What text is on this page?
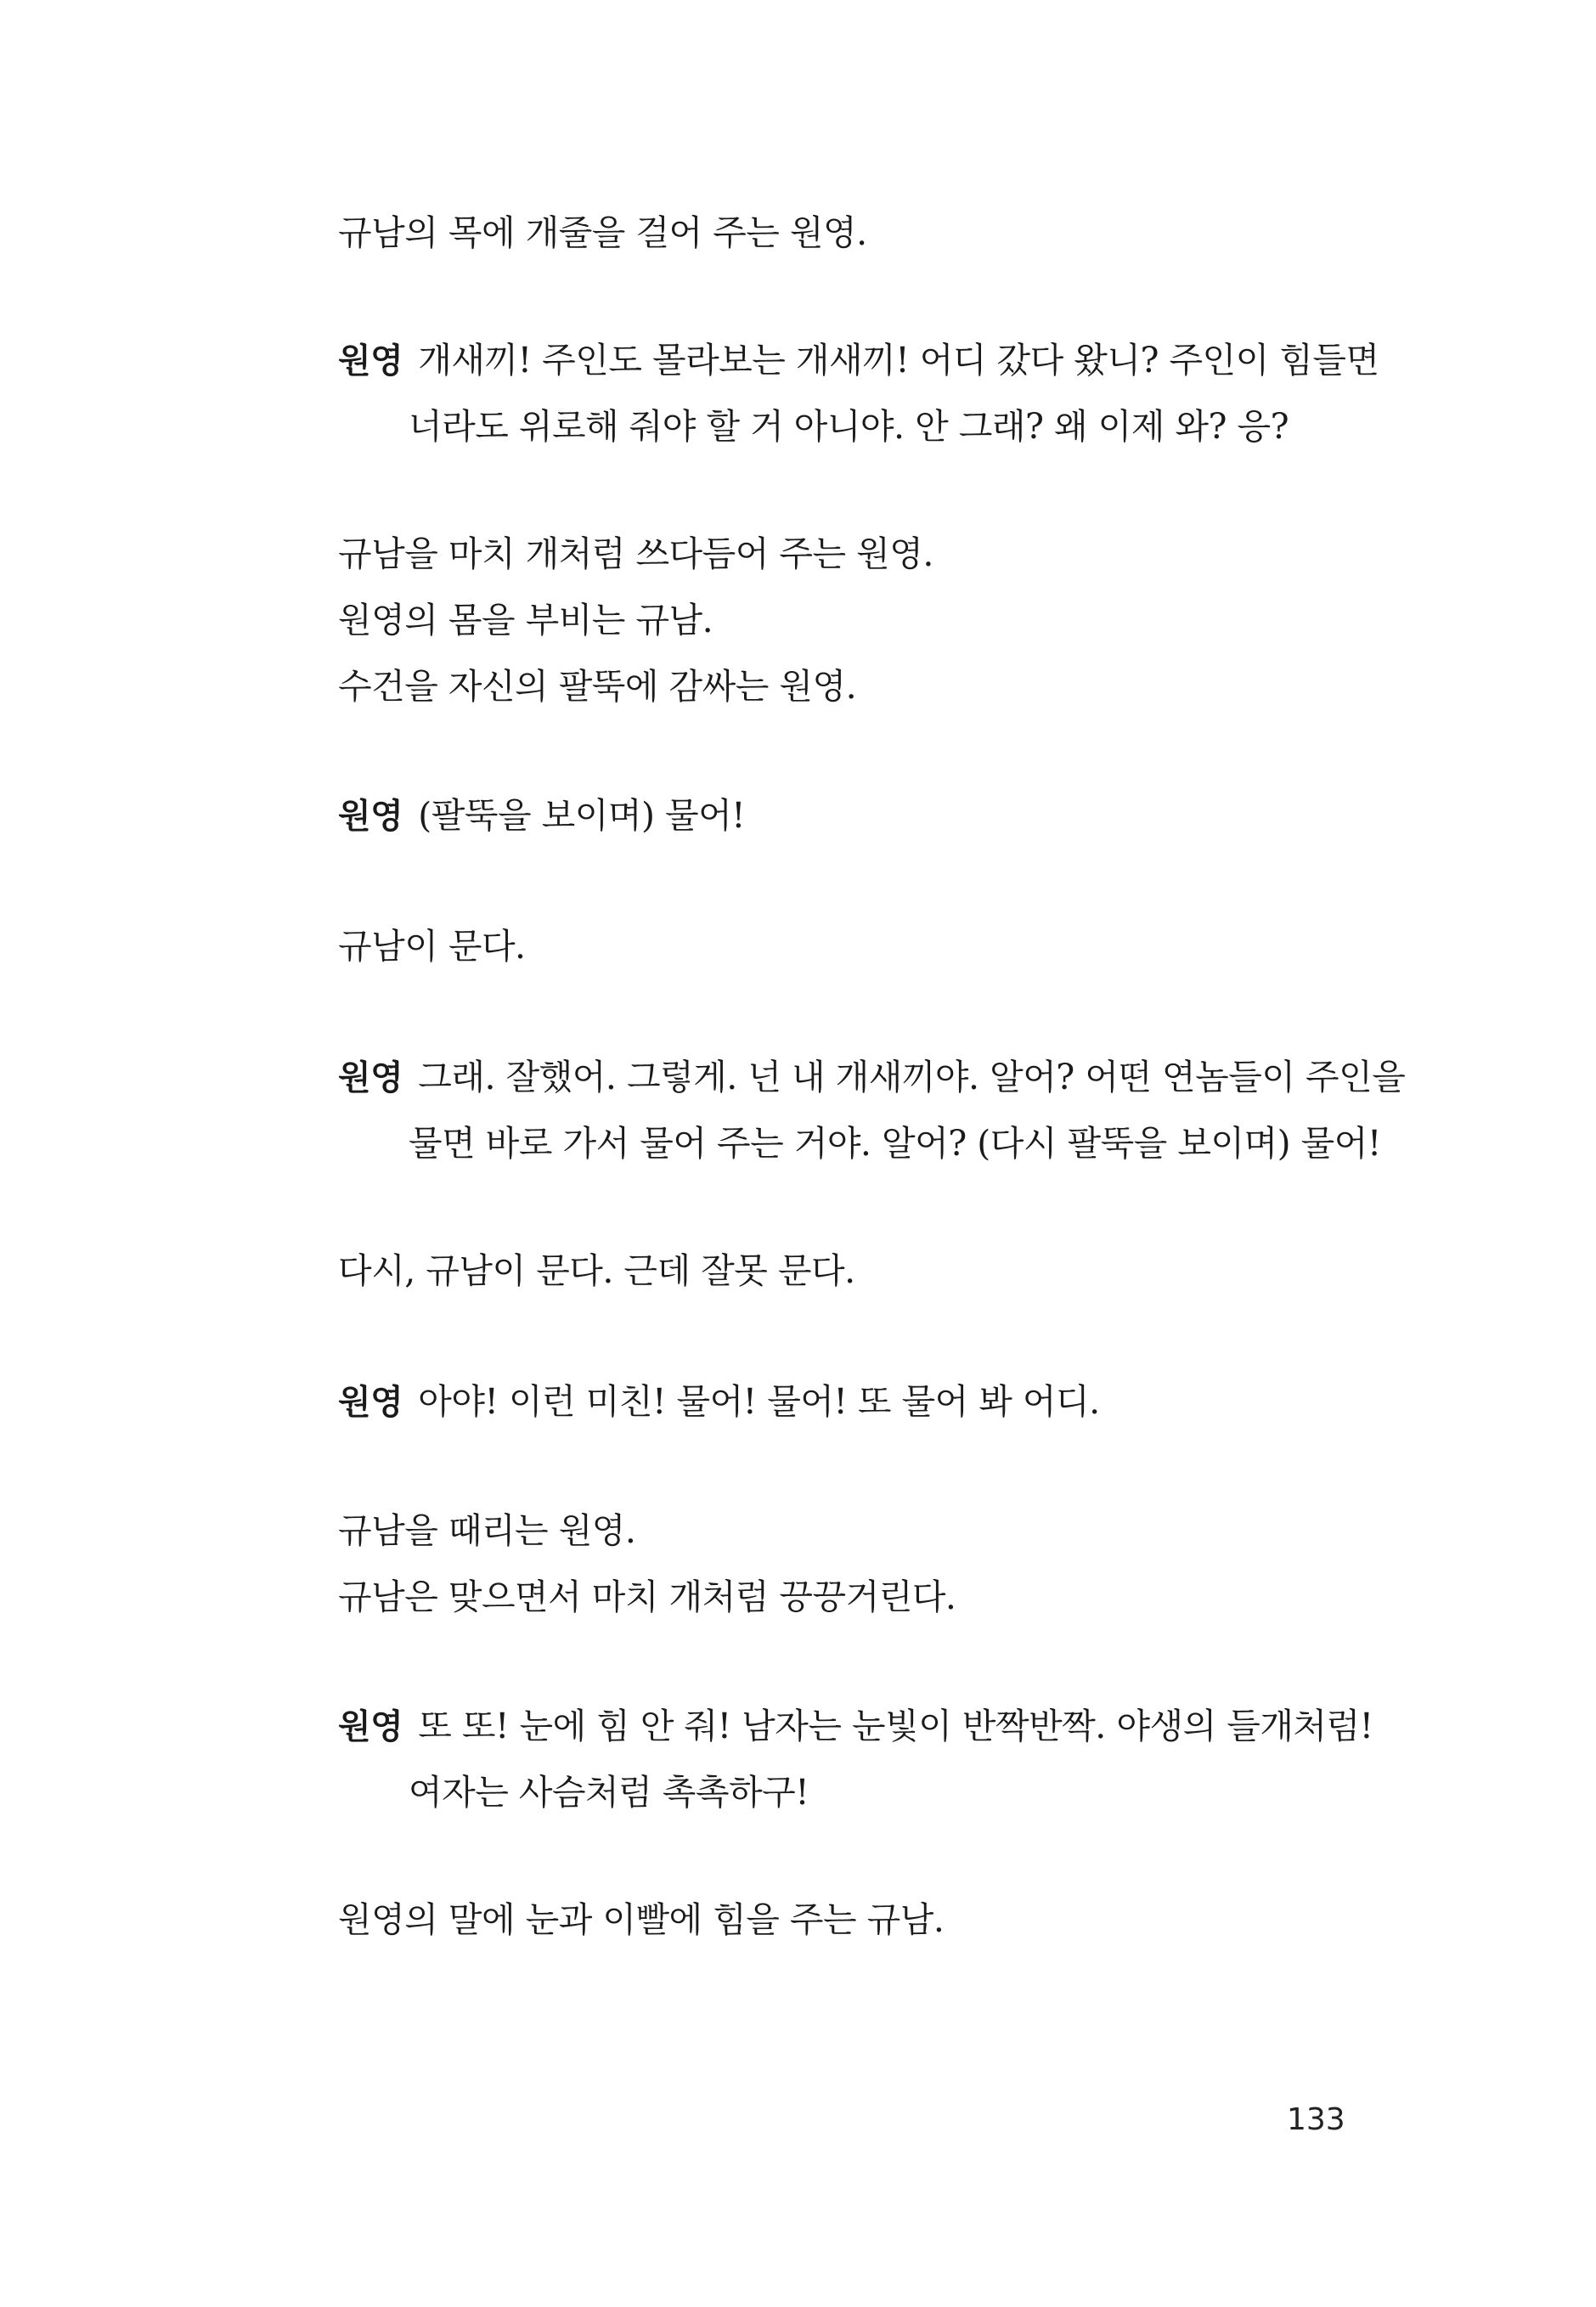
규남의 목에 개줄을 걸어 주는 원영.
원영 개새끼! 주인도 몰라보는 개새끼! 어디 갔다 왔니? 주인이 힘들면
너라도 위로해 줘야 할 거 아니야. 안 그래? 왜 이제 와? 응?
규남을 마치 개처럼 쓰다듬어 주는 원영.
원영의 몸을 부비는 규남.
수건을 자신의 팔뚝에 감싸는 원영.
원영 (팔뚝을 보이며) 물어!
규남이 문다.
원영 그래. 잘했어. 그렇게. 넌 내 개새끼야. 알어? 어떤 연놈들이 주인을
물면 바로 가서 물어 주는 거야. 알어? (다시 팔뚝을 보이며) 물어!
다시, 규남이 문다. 근데 잘못 문다.
원영 아야! 이런 미친! 물어! 물어! 또 물어 봐 어디.
규남을 때리는 원영.
규남은 맞으면서 마치 개처럼 끙끙거린다.
원영 또 또! 눈에 힘 안 줘! 남자는 눈빛이 반짝반짝. 야생의 들개처럼!
여자는 사슴처럼 촉촉하구!
원영의 말에 눈과 이빨에 힘을 주는 규남.
133
